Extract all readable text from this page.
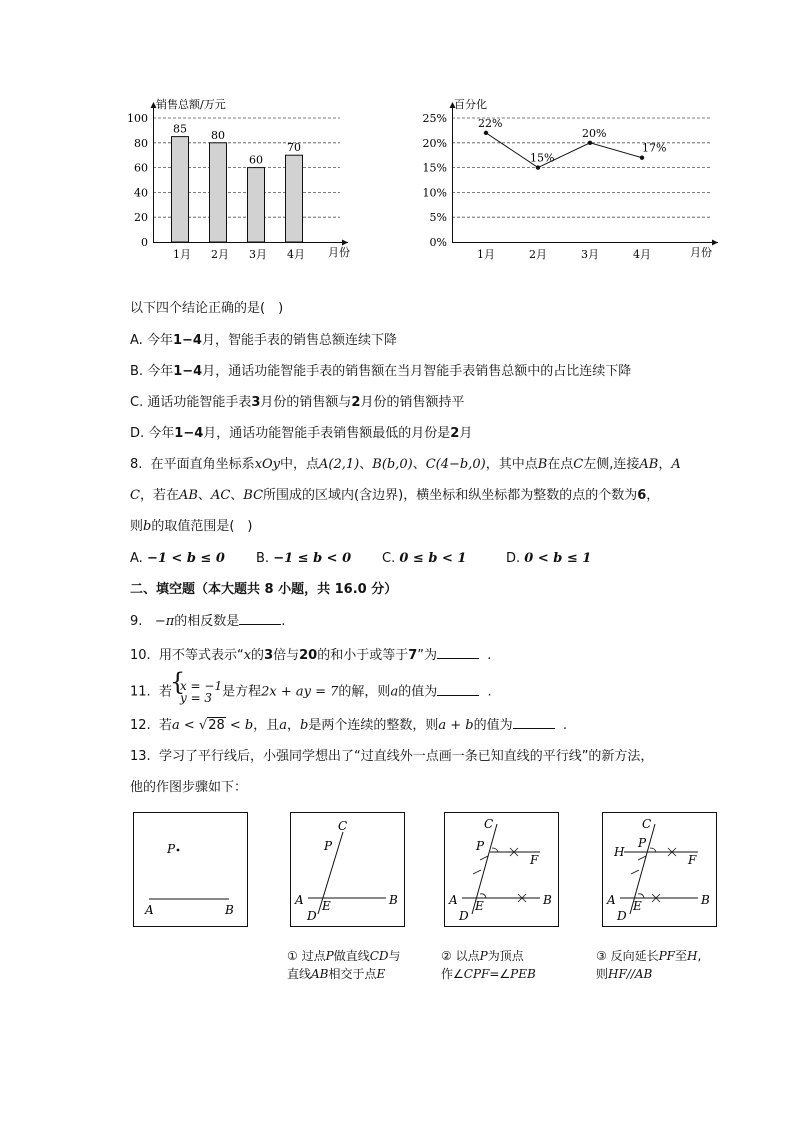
销售总额/万元
月份
0
20
40
60
80
100
1月 2月 3月 4月
85 80
60
70
百分化
月份
0%
5%
10%
15%
20%
25%
1月	2月	3月	4月
22%
15%
20%
17%
以下四个结论正确的是(　)
A. 今年1−4月，智能手表的销售总额连续下降
B. 今年1−4月，通话功能智能手表的销售额在当月智能手表销售总额中的占比连续下降
C. 通话功能智能手表3月份的销售额与2月份的销售额持平
D. 今年1−4月，通话功能智能手表销售额最低的月份是2月
8. 在平面直角坐标系xOy中，点A(2,1)、B(b,0)、C(4−b,0)，其中点B在点C左侧,连接AB，A
C，若在AB、AC、BC所围成的区域内(含边界)，横坐标和纵坐标都为整数的点的个数为6，
则b的取值范围是(　)
A. −1 < b ≤ 0 B. −1 ≤ b < 0 C. 0 ≤ b < 1	D. 0 < b ≤ 1
二、填空题（本大题共 8 小题，共 16.0 分）
9. −π的相反数是	.
10. 用不等式表示“x的3倍与20的和小于或等于7”为	.
11. 若
{ x = −1
y = 3 是方程2x + ay = 7的解，则a的值为	.
12. 若a < √28 < b，且a，b是两个连续的整数，则a + b的值为	.
13. 学习了平行线后，小强同学想出了“过直线外一点画一条已知直线的平行线”的新方法，
他的作图步骤如下：
P
A	B
C
P
A	B
D
E
C
P
F
A	B
D
E
C
P
H
F
A	B
D
E
① 过点P做直线CD与
直线AB相交于点E
② 以点P为顶点
作∠CPF=∠PEB
③ 反向延长PF至H,
则HF//AB
